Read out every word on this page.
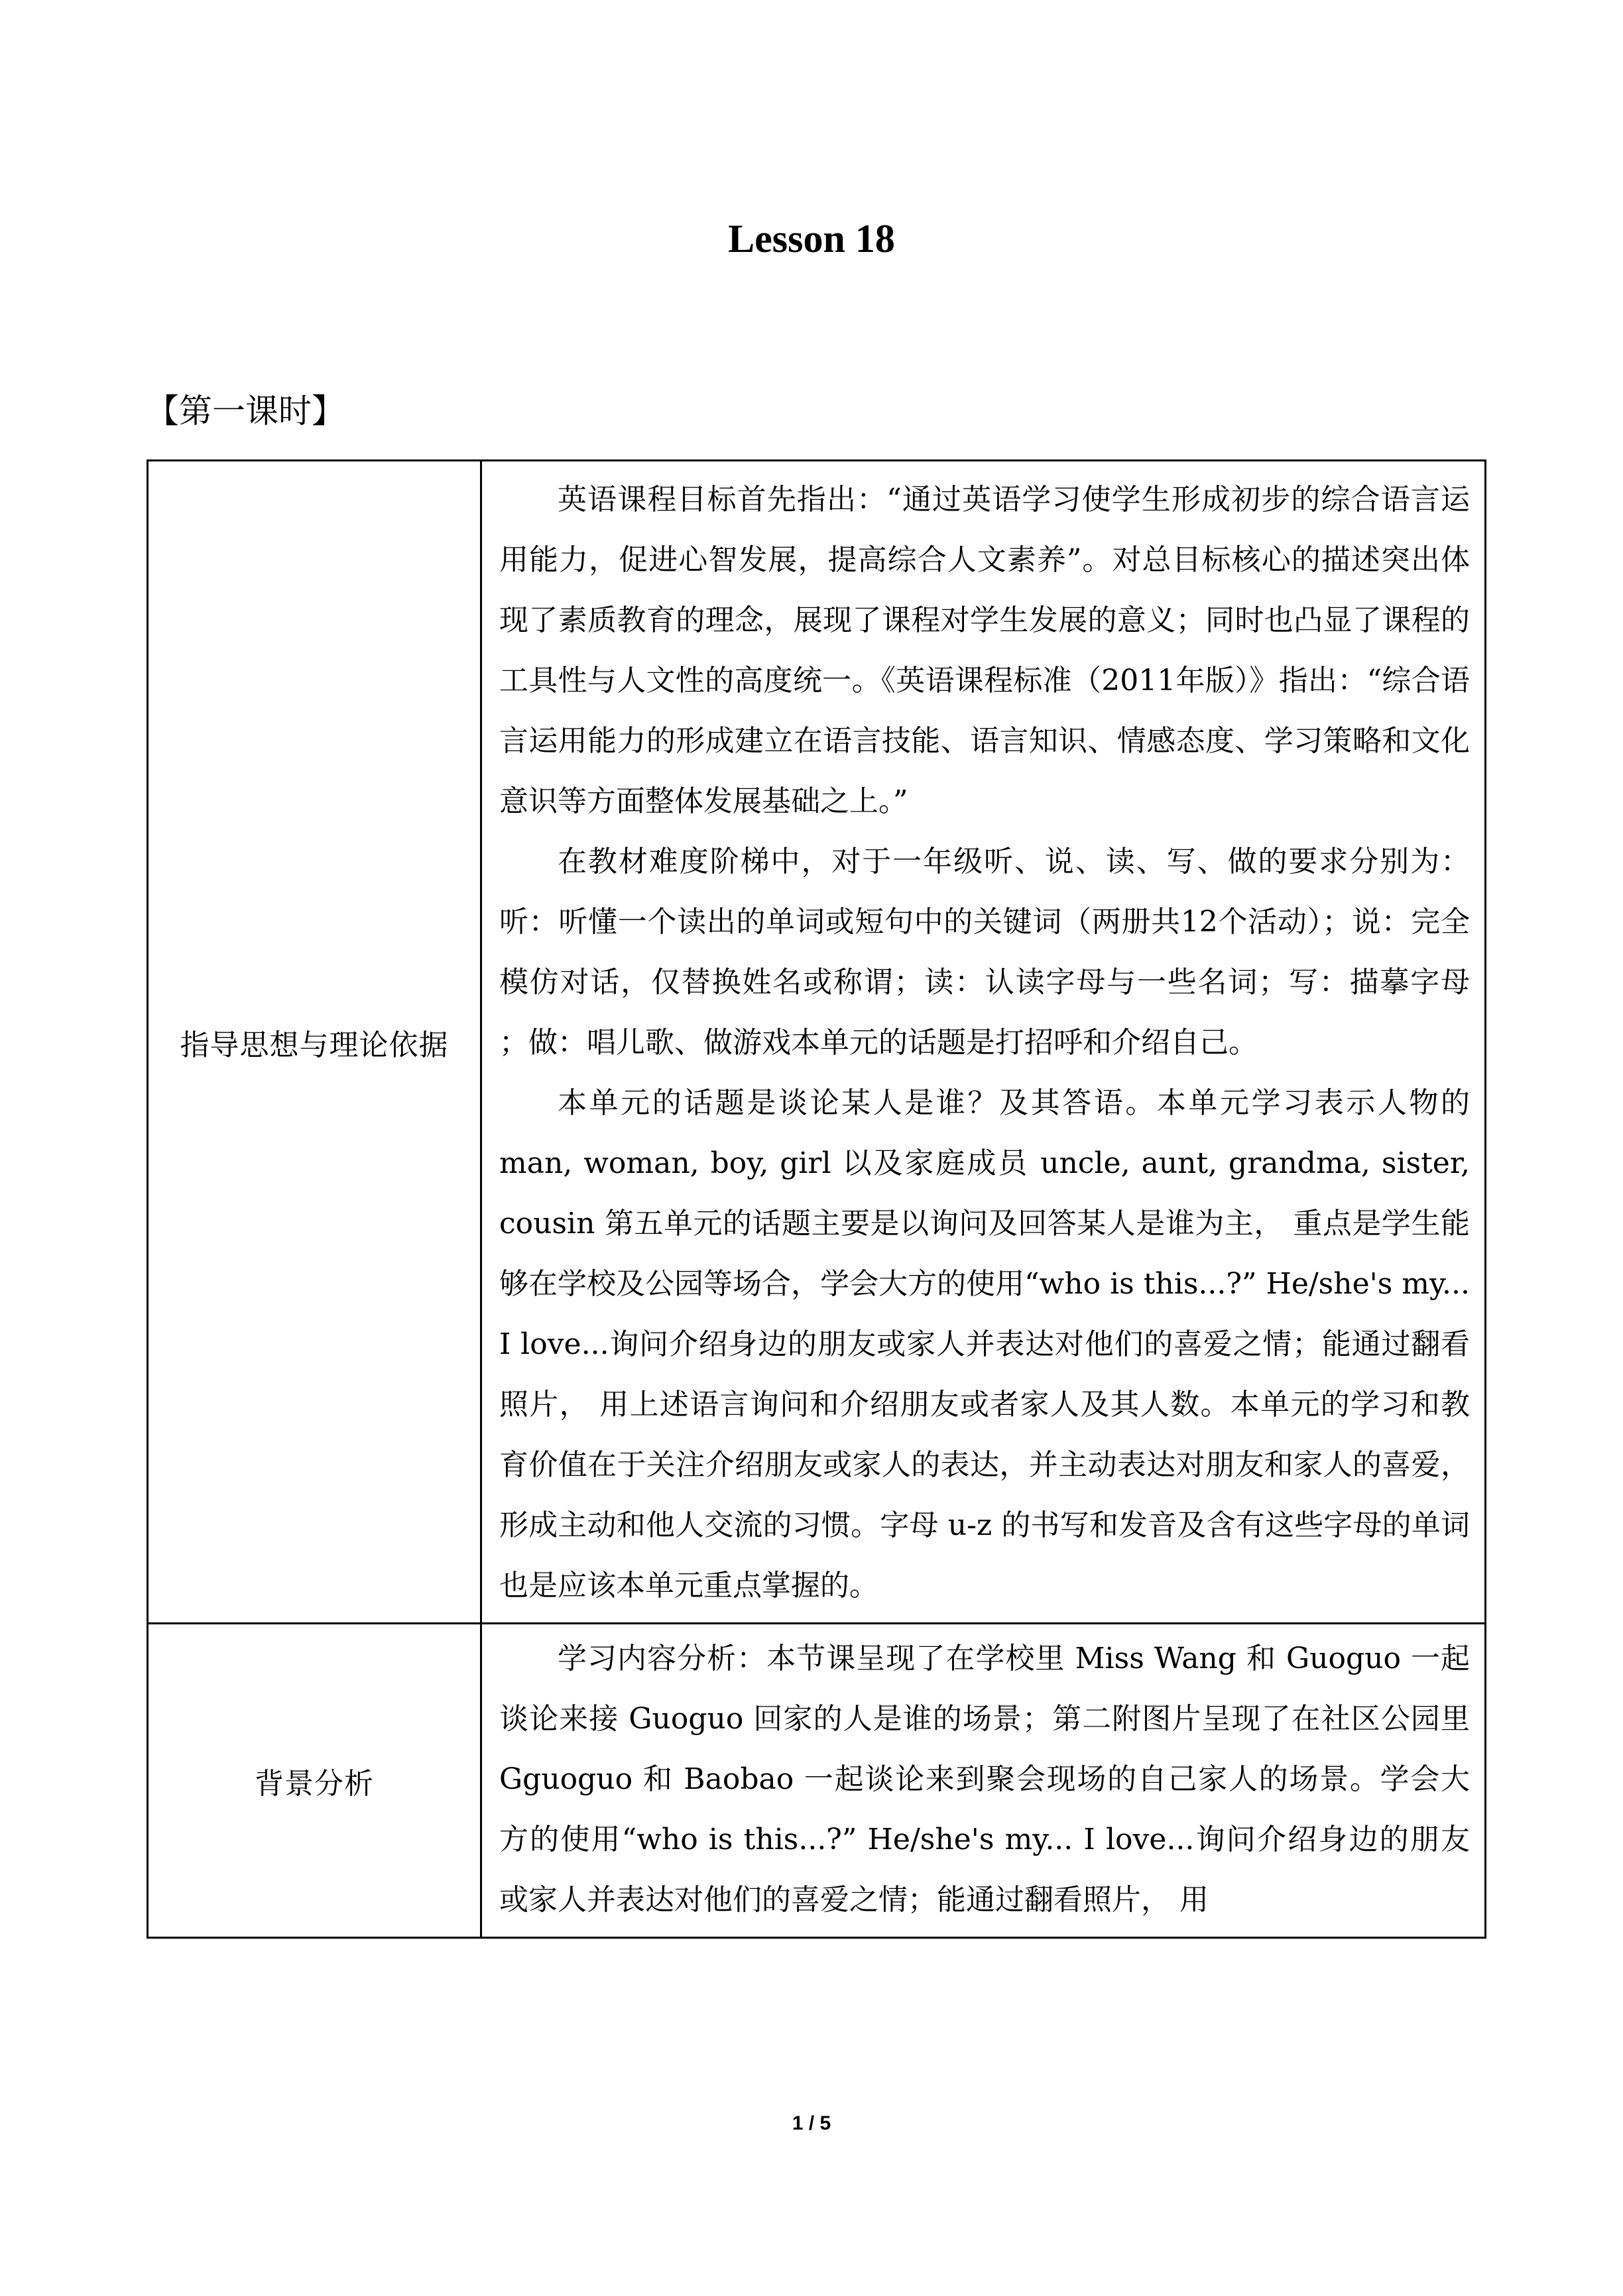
Lesson 18
【第一课时】
指导思想与理论依据	英语课程目标首先指出：“通过英语学习使学生形成初步的综合语言运用能力，促进心智发展，提高综合人文素养”。对总目标核心的描述突出体现了素质教育的理念，展现了课程对学生发展的意义；同时也凸显了课程的工具性与人文性的高度统一。《英语课程标准（2011年版）》指出：“综合语言运用能力的形成建立在语言技能、语言知识、情感态度、学习策略和文化意识等方面整体发展基础之上。”

在教材难度阶梯中，对于一年级听、说、读、写、做的要求分别为：听：听懂一个读出的单词或短句中的关键词（两册共12个活动）；说：完全模仿对话，仅替换姓名或称谓；读：认读字母与一些名词；写：描摹字母 ；做：唱儿歌、做游戏本单元的话题是打招呼和介绍自己。

本单元的话题是谈论某人是谁？及其答语。本单元学习表示人物的 man, woman, boy, girl 以及家庭成员 uncle, aunt, grandma, sister, cousin 第五单元的话题主要是以询问及回答某人是谁为主， 重点是学生能够在学校及公园等场合，学会大方的使用“who is this...?” He/she's my... I love...询问介绍身边的朋友或家人并表达对他们的喜爱之情；能通过翻看照片， 用上述语言询问和介绍朋友或者家人及其人数。本单元的学习和教育价值在于关注介绍朋友或家人的表达，并主动表达对朋友和家人的喜爱，形成主动和他人交流的习惯。字母 u-z 的书写和发音及含有这些字母的单词也是应该本单元重点掌握的。

背景分析	学习内容分析：本节课呈现了在学校里 Miss Wang 和 Guoguo 一起谈论来接 Guoguo 回家的人是谁的场景；第二附图片呈现了在社区公园里 Gguoguo 和 Baobao 一起谈论来到聚会现场的自己家人的场景。学会大方的使用“who is this...?” He/she's my... I love...询问介绍身边的朋友或家人并表达对他们的喜爱之情；能通过翻看照片， 用

1 / 5
